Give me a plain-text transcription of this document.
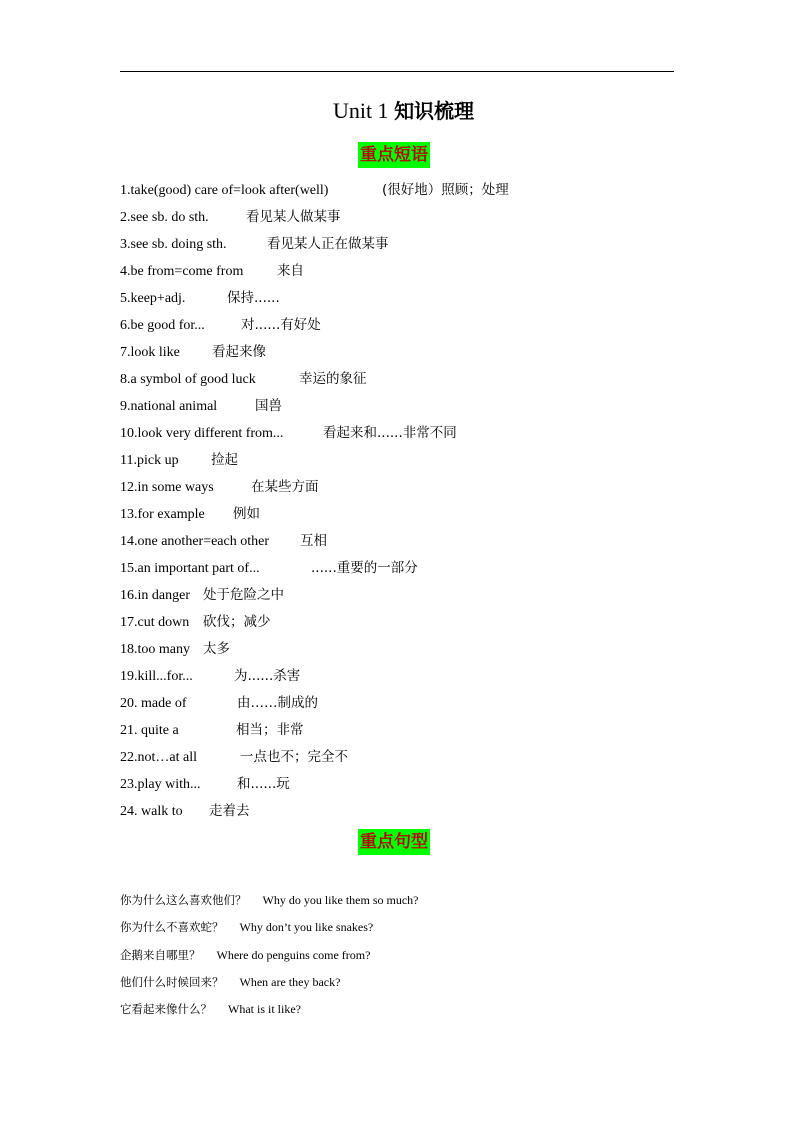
Unit 1 知识梳理
重点短语
1.take(good) care of=look after(well)	(很好地）照顾；处理
2.see sb. do sth.	看见某人做某事
3.see sb. doing sth.	看见某人正在做某事
4.be from=come from 来自
5.keep+adj.	保持......
6.be good for...	对......有好处
7.look like 看起来像
8.a symbol of good luck	幸运的象征
9.national animal	国兽
10.look very different from...	看起来和......非常不同
11.pick up 捡起
12.in some ways	在某些方面
13.for example 例如
14.one another=each other 互相
15.an important part of...	......重要的一部分
16.in danger 处于危险之中
17.cut down 砍伐；减少
18.too many 太多
19.kill...for...	为......杀害
20. made of	由……制成的
21. quite a	相当；非常
22.not…at all	一点也不；完全不
23.play with...	和......玩
24. walk to 走着去
重点句型
你为什么这么喜欢他们？ Why do you like them so much?
你为什么不喜欢蛇？ Why don’t you like snakes?
企鹅来自哪里？ Where do penguins come from?
他们什么时候回来？ When are they back?
它看起来像什么？ What is it like?
